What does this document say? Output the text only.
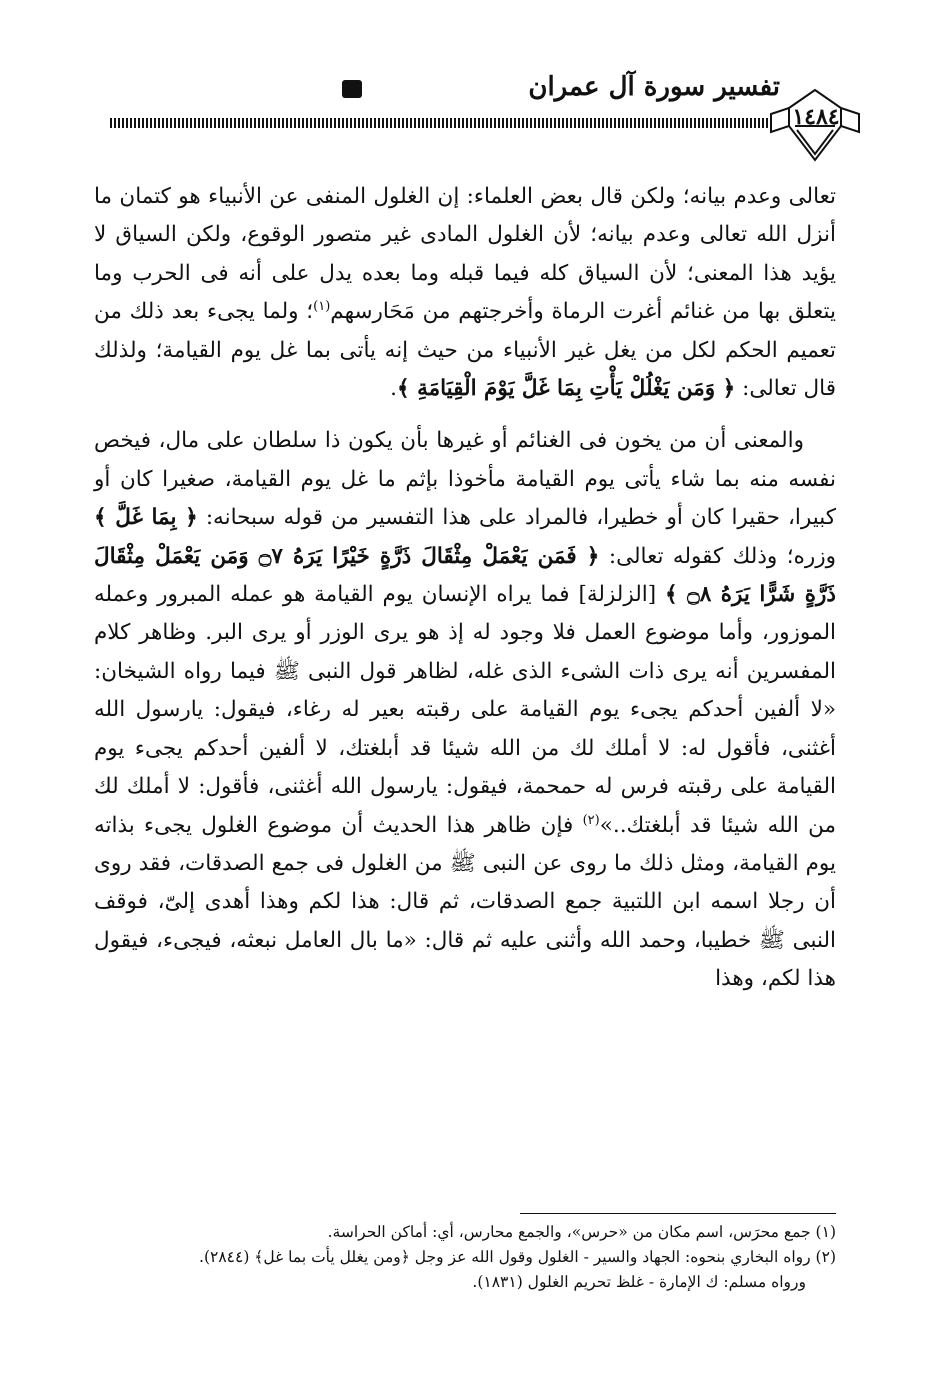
تفسير سورة آل عمران
١٤٨٤

تعالى وعدم بيانه؛ ولكن قال بعض العلماء: إن الغلول المنفى عن الأنبياء هو كتمان ما أنزل الله تعالى وعدم بيانه؛ لأن الغلول المادى غير متصور الوقوع، ولكن السياق لا يؤيد هذا المعنى؛ لأن السياق كله فيما قبله وما بعده يدل على أنه فى الحرب وما يتعلق بها من غنائم أغرت الرماة وأخرجتهم من مَحَارسهم$^{(١)}$؛ ولما يجىء بعد ذلك من تعميم الحكم لكل من يغل غير الأنبياء من حيث إنه يأتى بما غل يوم القيامة؛ ولذلك قال تعالى: ﴿ وَمَن يَغْلُلْ يَأْتِ بِمَا غَلَّ يَوْمَ الْقِيَامَةِ ﴾.

والمعنى أن من يخون فى الغنائم أو غيرها بأن يكون ذا سلطان على مال، فيخص نفسه منه بما شاء يأتى يوم القيامة مأخوذا بإثم ما غل يوم القيامة، صغيرا كان أو كبيرا، حقيرا كان أو خطيرا، فالمراد على هذا التفسير من قوله سبحانه: ﴿ بِمَا غَلَّ ﴾ وزره؛ وذلك كقوله تعالى: ﴿ فَمَن يَعْمَلْ مِثْقَالَ ذَرَّةٍ خَيْرًا يَرَهُ ۝٧ وَمَن يَعْمَلْ مِثْقَالَ ذَرَّةٍ شَرًّا يَرَهُ ۝٨ ﴾ [الزلزلة] فما يراه الإنسان يوم القيامة هو عمله المبرور وعمله الموزور، وأما موضوع العمل فلا وجود له إذ هو يرى الوزر أو يرى البر. وظاهر كلام المفسرين أنه يرى ذات الشىء الذى غله، لظاهر قول النبى ﷺ فيما رواه الشيخان: «لا ألفين أحدكم يجىء يوم القيامة على رقبته بعير له رغاء، فيقول: يارسول الله أغثنى، فأقول له: لا أملك لك من الله شيئا قد أبلغتك، لا ألفين أحدكم يجىء يوم القيامة على رقبته فرس له حمحمة، فيقول: يارسول الله أغثنى، فأقول: لا أملك لك من الله شيئا قد أبلغتك..»$^{(٢)}$ فإن ظاهر هذا الحديث أن موضوع الغلول يجىء بذاته يوم القيامة، ومثل ذلك ما روى عن النبى ﷺ من الغلول فى جمع الصدقات، فقد روى أن رجلا اسمه ابن اللتبية جمع الصدقات، ثم قال: هذا لكم وهذا أهدى إلىّ، فوقف النبى ﷺ خطيبا، وحمد الله وأثنى عليه ثم قال: «ما بال العامل نبعثه، فيجىء، فيقول هذا لكم، وهذا

(١) جمع محرَس، اسم مكان من «حرس»، والجمع محارس، أي: أماكن الحراسة.
(٢) رواه البخاري بنحوه: الجهاد والسير - الغلول وقول الله عز وجل ﴿ومن يغلل يأت بما غل﴾ (٢٨٤٤).
ورواه مسلم: ك الإمارة - غلظ تحريم الغلول (١٨٣١).
